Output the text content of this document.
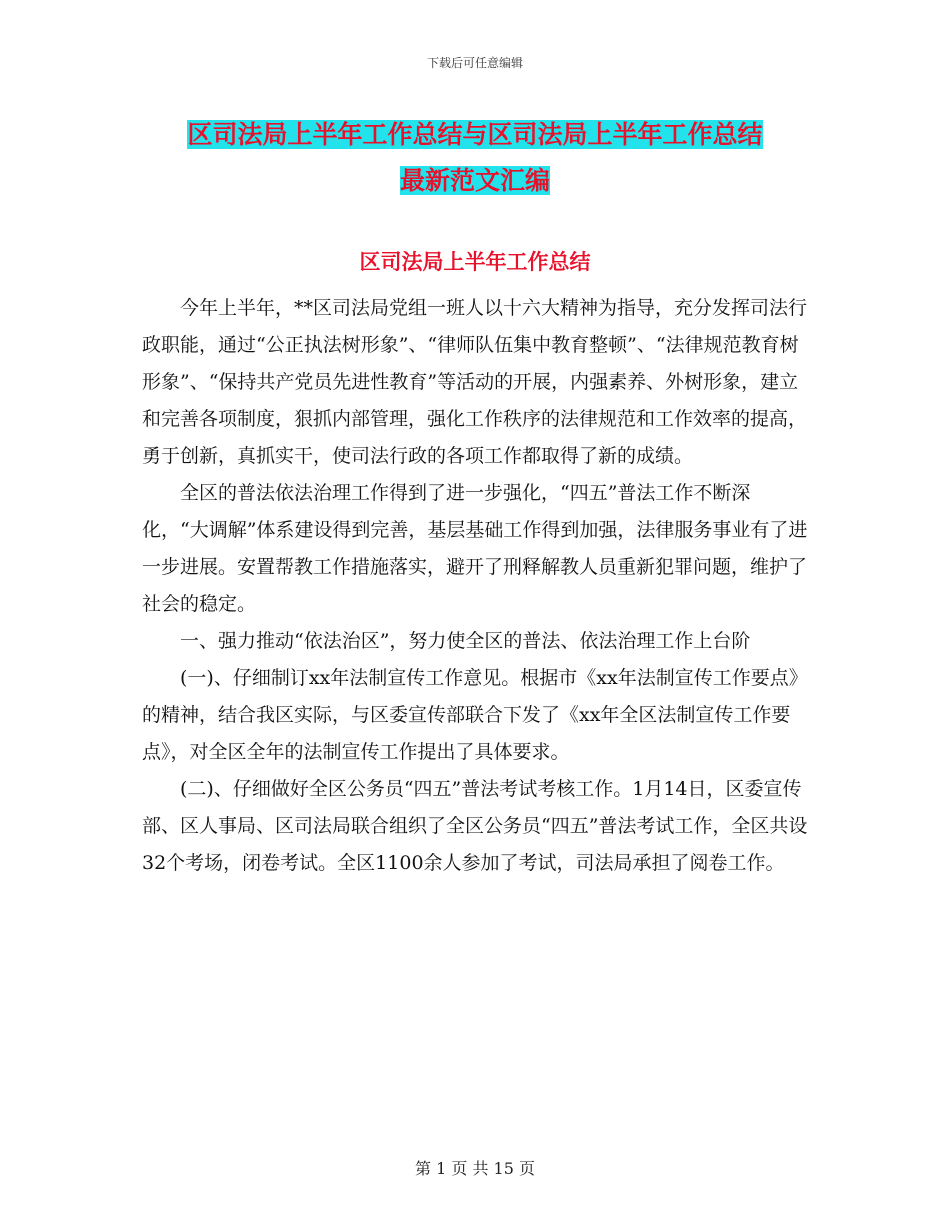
下载后可任意编辑
区司法局上半年工作总结与区司法局上半年工作总结
最新范文汇编
区司法局上半年工作总结

今年上半年，**区司法局党组一班人以十六大精神为指导，充分发挥司法行政职能，通过“公正执法树形象”、“律师队伍集中教育整顿”、“法律规范教育树形象”、“保持共产党员先进性教育”等活动的开展，内强素养、外树形象，建立和完善各项制度，狠抓内部管理，强化工作秩序的法律规范和工作效率的提高，勇于创新，真抓实干，使司法行政的各项工作都取得了新的成绩。

全区的普法依法治理工作得到了进一步强化，“四五”普法工作不断深化，“大调解”体系建设得到完善，基层基础工作得到加强，法律服务事业有了进一步进展。安置帮教工作措施落实，避开了刑释解教人员重新犯罪问题，维护了社会的稳定。

一、强力推动“依法治区”，努力使全区的普法、依法治理工作上台阶

(一)、仔细制订xx年法制宣传工作意见。根据市《xx年法制宣传工作要点》的精神，结合我区实际，与区委宣传部联合下发了《xx年全区法制宣传工作要点》，对全区全年的法制宣传工作提出了具体要求。

(二)、仔细做好全区公务员“四五”普法考试考核工作。1月14日，区委宣传部、区人事局、区司法局联合组织了全区公务员“四五”普法考试工作，全区共设32个考场，闭卷考试。全区1100余人参加了考试，司法局承担了阅卷工作。

第 1 页 共 15 页
